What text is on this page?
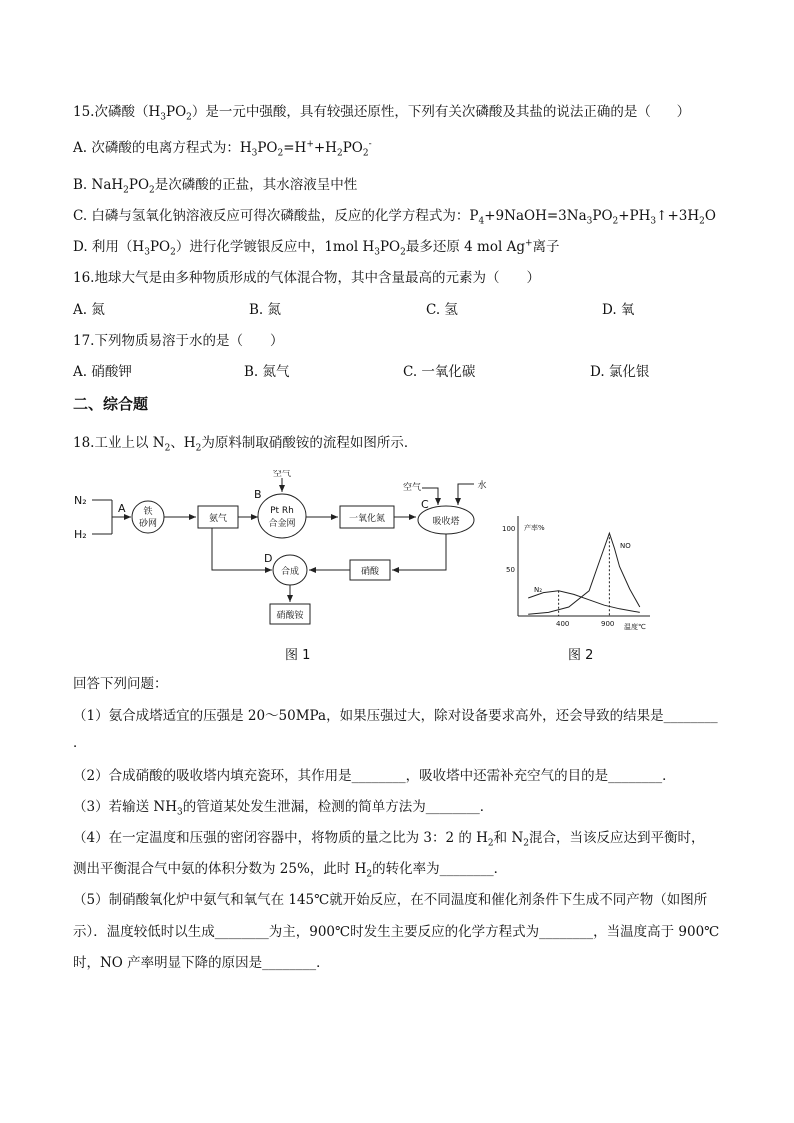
15.次磷酸$(H_3PO_2)$是一元中强酸，具有较强还原性，下列有关次磷酸及其盐的说法正确的是（      ）
A. 次磷酸的电离方程式为：$H_3PO_2=H^++H_2PO_2^-$
B. $NaH_2PO_2$是次磷酸的正盐，其水溶液呈中性
C. 白磷与氢氧化钠溶液反应可得次磷酸盐，反应的化学方程式为：$P_4+9NaOH=3Na_3PO_2+PH_3↑+3H_2O$
D. 利用$(H_3PO_2)$进行化学镀银反应中，1mol $H_3PO_2$最多还原 4 mol Ag+离子
16.地球大气是由多种物质形成的气体混合物，其中含量最高的元素为（　　）
A. 氮	B. 氮	C. 氢	D. 氧
17.下列物质易溶于水的是（　　）
A. 硝酸钾	B. 氮气	C. 一氧化碳	D. 氯化银
二、综合题
18.工业上以 $N_2$、$H_2$为原料制取硝酸铵的流程如图所示．
N₂
H₂
A
B
C
D
铁
砂网	氨气
空气
Pt Rh
合金网	一氧化氮
空气	水
吸收塔
硝酸
合成
硝酸铵
图 1
产率%
温度℃
100
50
400	900
NO
N₂
图 2
回答下列问题：
（1）氨合成塔适宜的压强是 20～50MPa，如果压强过大，除对设备要求高外，还会导致的结果是________
．
（2）合成硝酸的吸收塔内填充瓷环，其作用是________，吸收塔中还需补充空气的目的是________．
（3）若输送 $NH_3$的管道某处发生泄漏，检测的简单方法为________．
（4）在一定温度和压强的密闭容器中，将物质的量之比为 3：2 的 $H_2$和 $N_2$混合，当该反应达到平衡时，
测出平衡混合气中氨的体积分数为 25%，此时 $H_2$的转化率为________．
（5）制硝酸氧化炉中氨气和氧气在 145℃就开始反应，在不同温度和催化剂条件下生成不同产物（如图所
示）．温度较低时以生成________为主，900℃时发生主要反应的化学方程式为________，当温度高于 900℃
时，NO 产率明显下降的原因是________．
